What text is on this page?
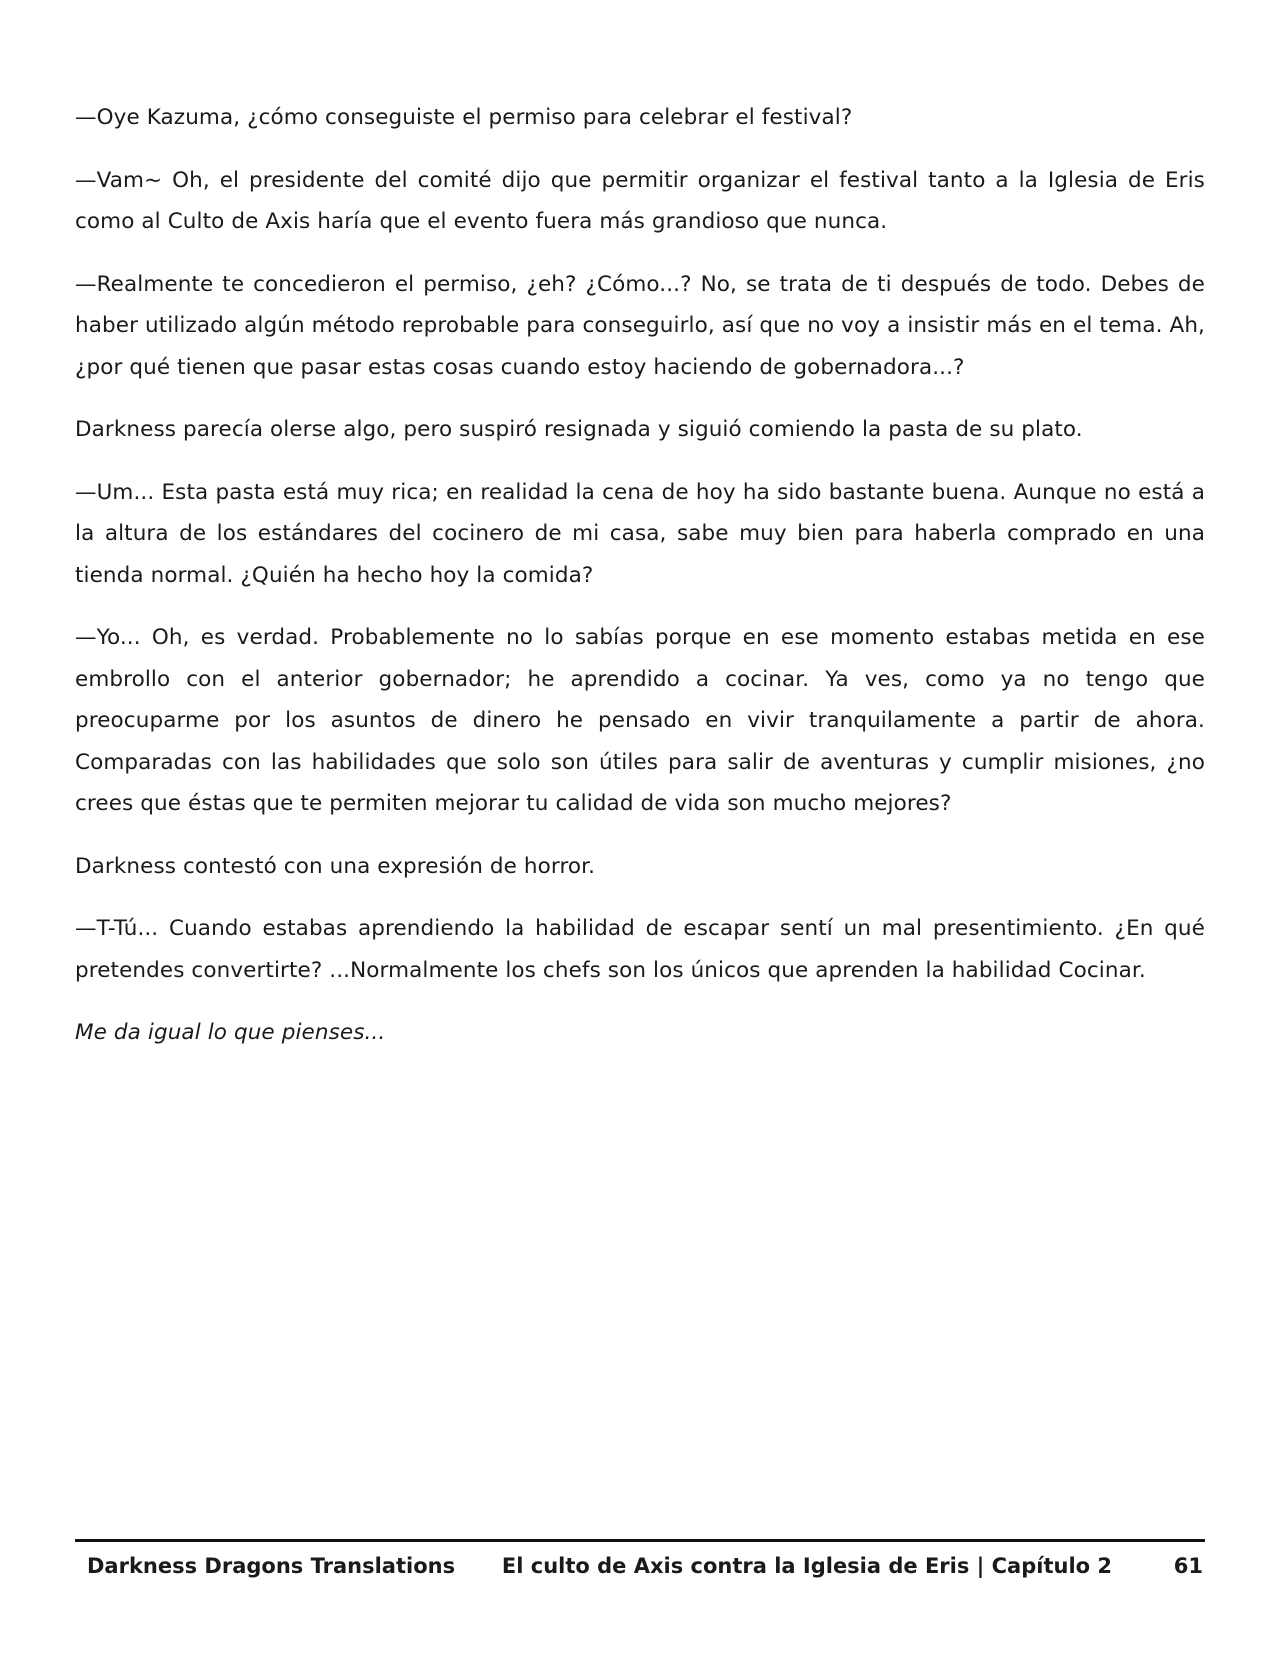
—Oye Kazuma, ¿cómo conseguiste el permiso para celebrar el festival?

—Vam~ Oh, el presidente del comité dijo que permitir organizar el festival tanto a la Iglesia de Eris como al Culto de Axis haría que el evento fuera más grandioso que nunca.

—Realmente te concedieron el permiso, ¿eh? ¿Cómo...? No, se trata de ti después de todo. Debes de haber utilizado algún método reprobable para conseguirlo, así que no voy a insistir más en el tema. Ah, ¿por qué tienen que pasar estas cosas cuando estoy haciendo de gobernadora...?

Darkness parecía olerse algo, pero suspiró resignada y siguió comiendo la pasta de su plato.

—Um... Esta pasta está muy rica; en realidad la cena de hoy ha sido bastante buena. Aunque no está a la altura de los estándares del cocinero de mi casa, sabe muy bien para haberla comprado en una tienda normal. ¿Quién ha hecho hoy la comida?

—Yo... Oh, es verdad. Probablemente no lo sabías porque en ese momento estabas metida en ese embrollo con el anterior gobernador; he aprendido a cocinar. Ya ves, como ya no tengo que preocuparme por los asuntos de dinero he pensado en vivir tranquilamente a partir de ahora. Comparadas con las habilidades que solo son útiles para salir de aventuras y cumplir misiones, ¿no crees que éstas que te permiten mejorar tu calidad de vida son mucho mejores?

Darkness contestó con una expresión de horror.

—T-Tú... Cuando estabas aprendiendo la habilidad de escapar sentí un mal presentimiento. ¿En qué pretendes convertirte? ...Normalmente los chefs son los únicos que aprenden la habilidad Cocinar.

Me da igual lo que pienses...

Darkness Dragons Translations El culto de Axis contra la Iglesia de Eris | Capítulo 2	61
